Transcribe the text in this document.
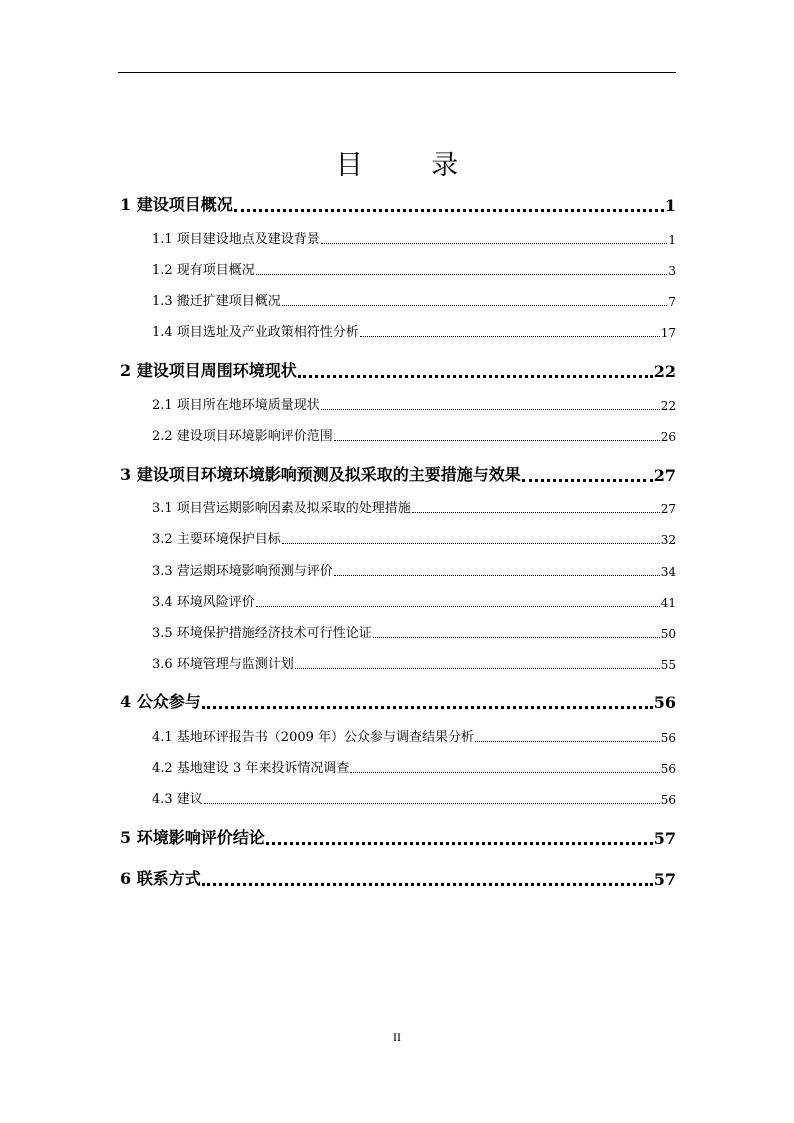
目 录
1 建设项目概况	1
1.1 项目建设地点及建设背景	1
1.2 现有项目概况	3
1.3 搬迁扩建项目概况	7
1.4 项目选址及产业政策相符性分析	17
2 建设项目周围环境现状	22
2.1 项目所在地环境质量现状	22
2.2 建设项目环境影响评价范围	26
3 建设项目环境环境影响预测及拟采取的主要措施与效果	27
3.1 项目营运期影响因素及拟采取的处理措施	27
3.2 主要环境保护目标	32
3.3 营运期环境影响预测与评价	34
3.4 环境风险评价	41
3.5 环境保护措施经济技术可行性论证	50
3.6 环境管理与监测计划	55
4 公众参与	56
4.1 基地环评报告书（2009 年）公众参与调查结果分析	56
4.2 基地建设 3 年来投诉情况调查	56
4.3 建议	56
5 环境影响评价结论	57
6 联系方式	57
II
